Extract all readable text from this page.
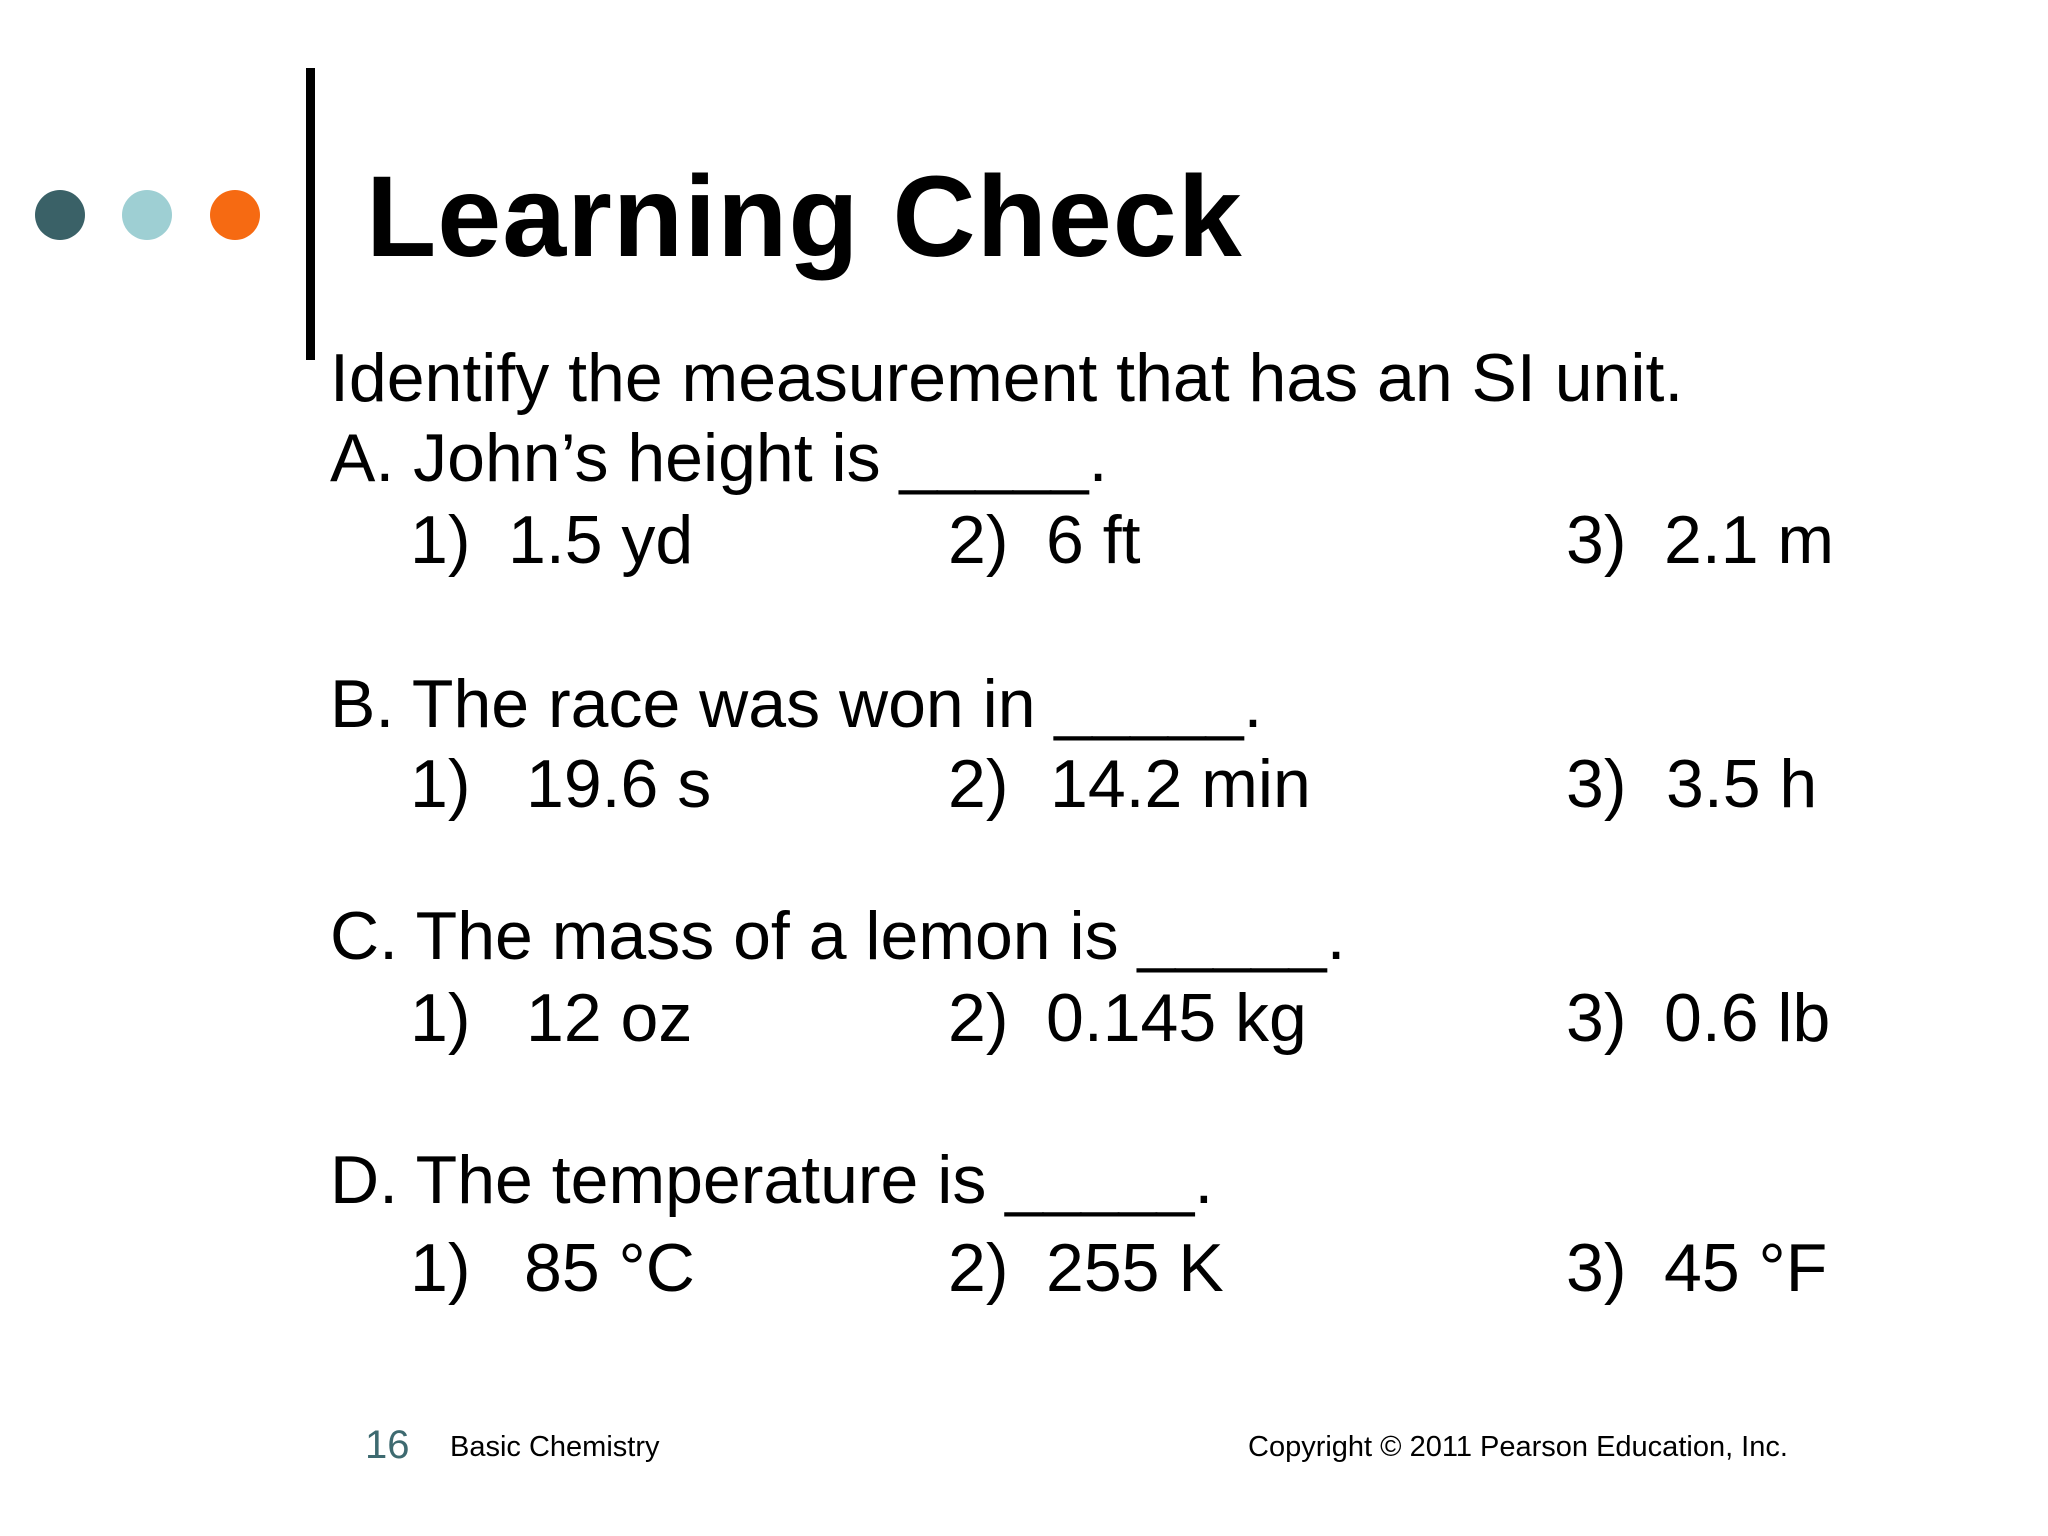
Learning Check
Identify the measurement that has an SI unit.
A. John’s height is _____.
1) 1.5 yd	2) 6 ft	3) 2.1 m
B. The race was won in _____.
1) 19.6 s	2) 14.2 min	3) 3.5 h
C. The mass of a lemon is _____.
1) 12 oz	2) 0.145 kg	3) 0.6 lb
D. The temperature is _____.
1) 85 °C	2) 255 K	3) 45 °F
16 Basic Chemistry	Copyright © 2011 Pearson Education, Inc.
